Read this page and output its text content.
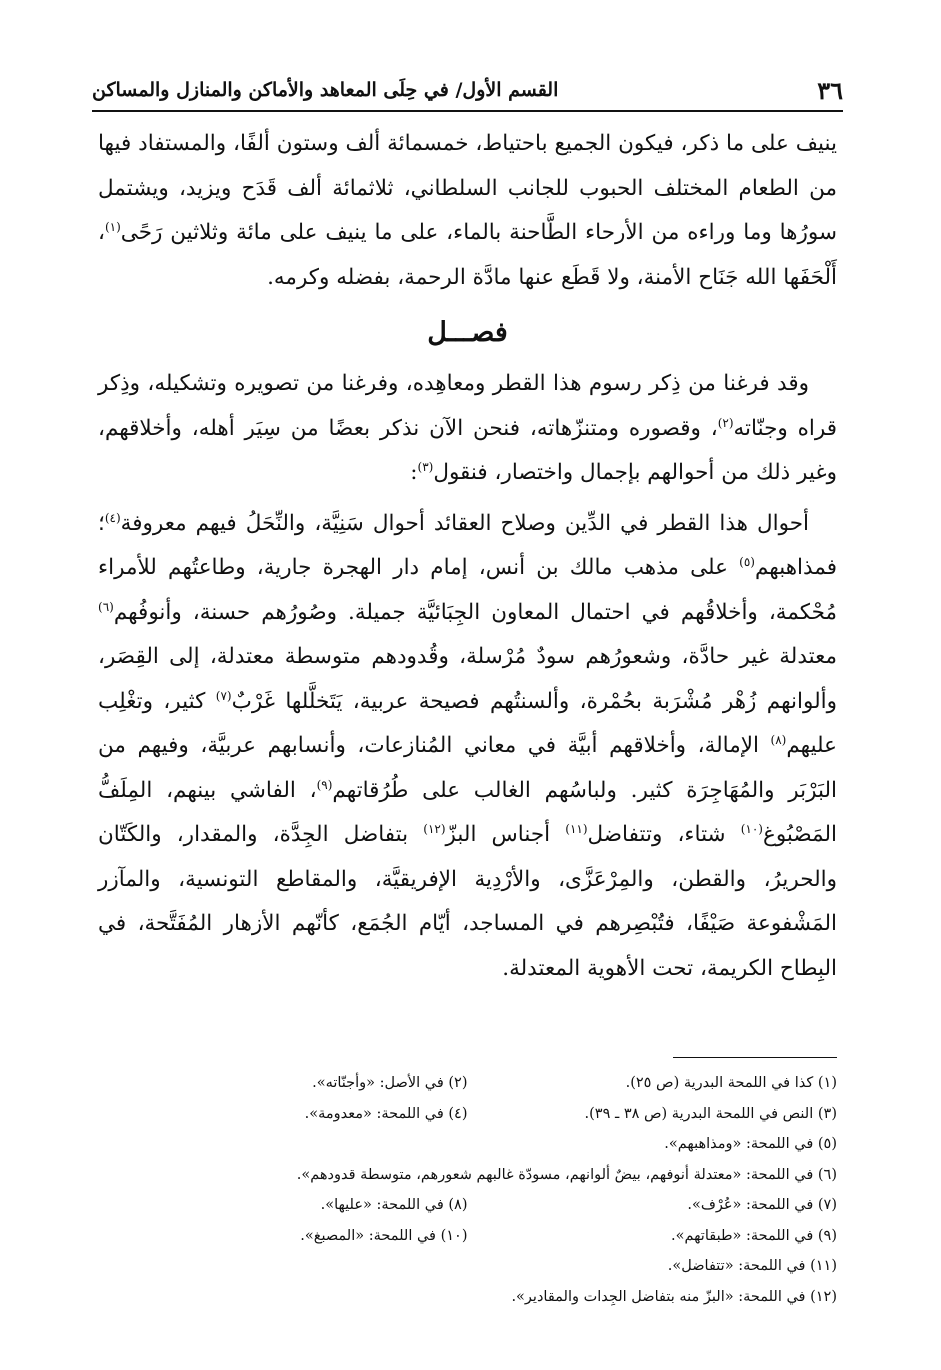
٣٦
القسم الأول/ في حِلَى المعاهد والأماكن والمنازل والمساكن

ينيف على ما ذكر، فيكون الجميع باحتياط، خمسمائة ألف وستون ألفًا، والمستفاد فيها من الطعام المختلف الحبوب للجانب السلطاني، ثلاثمائة ألف قَدَح ويزيد، ويشتمل سورُها وما وراءه من الأرحاء الطَّاحنة بالماء، على ما ينيف على مائة وثلاثين رَحًى$^{(١)}$، أَلْحَفَها الله جَنَاح الأمنة، ولا قَطَع عنها مادَّة الرحمة، بفضله وكرمه.

فصـــل

وقد فرغنا من ذِكر رسوم هذا القطر ومعاهِده، وفرغنا من تصويره وتشكيله، وذِكر قراه وجنّاته$^{(٢)}$، وقصوره ومتنزّهاته، فنحن الآن نذكر بعضًا من سِيَر أهله، وأخلاقهم، وغير ذلك من أحوالهم بإجمال واختصار، فنقول$^{(٣)}$:

أحوال هذا القطر في الدِّين وصلاح العقائد أحوال سَنِيَّة، والنِّحَلُ فيهم معروفة$^{(٤)}$؛ فمذاهبهم$^{(٥)}$ على مذهب مالك بن أنس، إمام دار الهجرة جارية، وطاعتُهم للأمراء مُحْكمة، وأخلاقُهم في احتمال المعاون الجِبَائيَّة جميلة. وصُورُهم حسنة، وأنوفُهم$^{(٦)}$ معتدلة غير حادَّة، وشعورُهم سودٌ مُرْسلة، وقُدودهم متوسطة معتدلة، إلى القِصَر، وألوانهم زُهْر مُشْرَبة بحُمْرة، وألسنتُهم فصيحة عربية، يَتَخلَّلها غَرْبٌ$^{(٧)}$ كثير، وتغْلِب عليهم$^{(٨)}$ الإمالة، وأخلاقهم أبيَّة في معاني المُنازعات، وأنسابهم عربيَّة، وفيهم من البَرْبَر والمُهَاجِرَة كثير. ولباسُهم الغالب على طُرُقاتهم$^{(٩)}$، الفاشي بينهم، المِلَفُّ المَصْبُوغ$^{(١٠)}$ شتاء، وتتفاضل$^{(١١)}$ أجناس البزّ$^{(١٢)}$ بتفاضل الجِدَّة، والمقدار، والكَتّان والحريرُ، والقطن، والمِرْعَزَّى، والأرْدِية الإفريقيَّة، والمقاطع التونسية، والمآزر المَشْفوعة صَيْفًا، فتُبْصِرهم في المساجد، أيّام الجُمَع، كأنّهم الأزهار المُفَتَّحة، في البِطاح الكريمة، تحت الأهوية المعتدلة.

(١) كذا في اللمحة البدرية (ص ٢٥).
(٢) في الأصل: «وأجنّاته».
(٣) النص في اللمحة البدرية (ص ٣٨ ـ ٣٩).
(٤) في اللمحة: «معدومة».
(٥) في اللمحة: «ومذاهبهم».
(٦) في اللمحة: «معتدلة أنوفهم، بيضٌ ألوانهم، مسودّة غالبهم شعورهم، متوسطة قدودهم».
(٧) في اللمحة: «عُرْف».
(٨) في اللمحة: «عليها».
(٩) في اللمحة: «طبقاتهم».
(١٠) في اللمحة: «المصبغ».
(١١) في اللمحة: «تتفاضل».
(١٢) في اللمحة: «البزّ منه بتفاضل الجِدات والمقادير».
